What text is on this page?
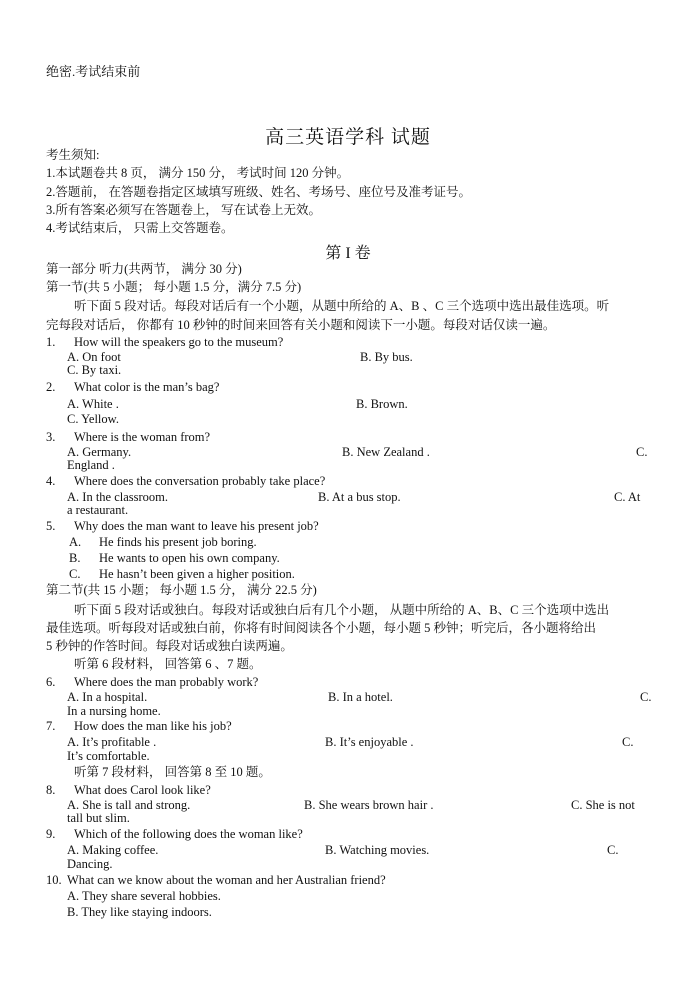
绝密.考试结束前
高三英语学科 试题
考生须知:
1.本试题卷共 8 页， 满分 150 分， 考试时间 120 分钟。
2.答题前， 在答题卷指定区域填写班级、姓名、考场号、座位号及准考证号。
3.所有答案必须写在答题卷上， 写在试卷上无效。
4.考试结束后， 只需上交答题卷。
第 I 卷
第一部分 听力(共两节， 满分 30 分)
第一节(共 5 小题； 每小题 1.5 分，满分 7.5 分)
听下面 5 段对话。每段对话后有一个小题，从题中所给的 A、B 、C 三个选项中选出最佳选项。听
完每段对话后， 你都有 10 秒钟的时间来回答有关小题和阅读下一小题。每段对话仅读一遍。
1. How will the speakers go to the museum?
A. On foot	B. By bus.
C. By taxi.
2. What color is the man’s bag?
A. White .	B. Brown.
C. Yellow.
3. Where is the woman from?
A. Germany.	B. New Zealand .	C.
England .
4. Where does the conversation probably take place?
A. In the classroom.	B. At a bus stop.	C. At
a restaurant.
5. Why does the man want to leave his present job?
A. He finds his present job boring.
B. He wants to open his own company.
C. He hasn’t been given a higher position.
第二节(共 15 小题； 每小题 1.5 分， 满分 22.5 分)
听下面 5 段对话或独白。每段对话或独白后有几个小题， 从题中所给的 A、B、C 三个选项中选出
最佳选项。听每段对话或独白前，你将有时间阅读各个小题，每小题 5 秒钟；听完后，各小题将给出
5 秒钟的作答时间。每段对话或独白读两遍。
听第 6 段材料， 回答第 6 、7 题。
6. Where does the man probably work?
A. In a hospital.	B. In a hotel.	C.
In a nursing home.
7. How does the man like his job?
A. It’s profitable .	B. It’s enjoyable .	C.
It’s comfortable.
听第 7 段材料， 回答第 8 至 10 题。
8. What does Carol look like?
A. She is tall and strong.	B. She wears brown hair .	C. She is not
tall but slim.
9. Which of the following does the woman like?
A. Making coffee.	B. Watching movies.	C.
Dancing.
10. What can we know about the woman and her Australian friend?
A. They share several hobbies.
B. They like staying indoors.
